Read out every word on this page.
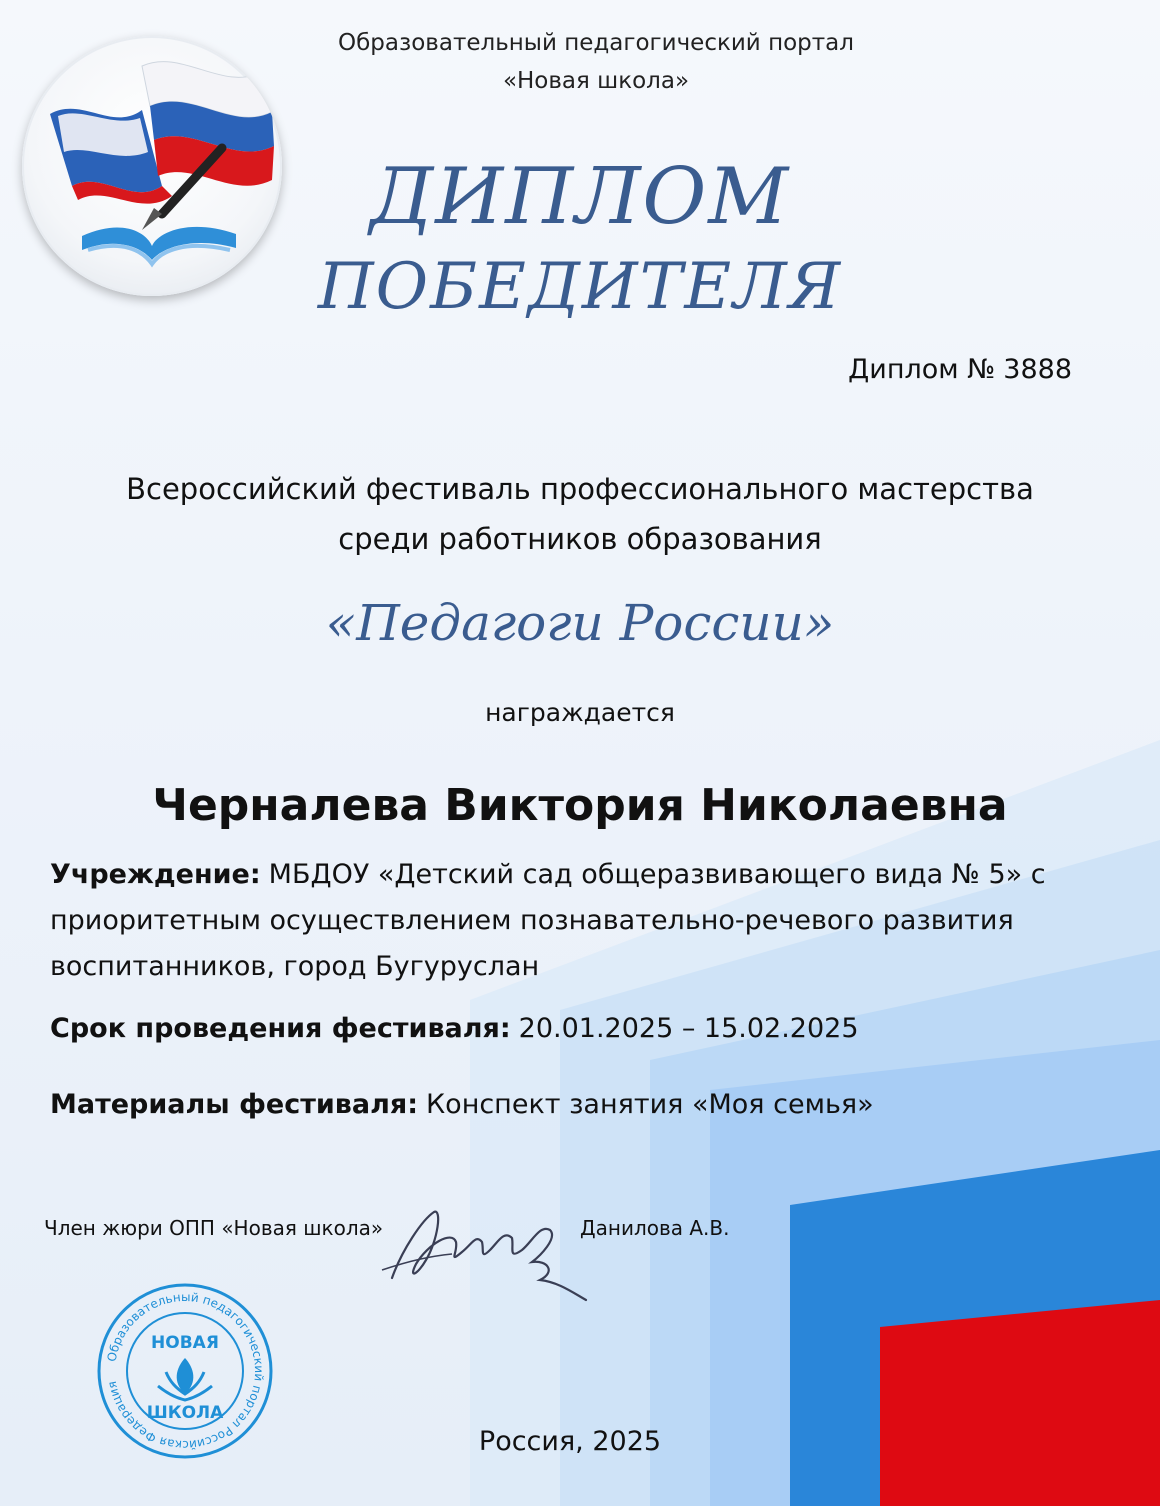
Образовательный педагогический портал
«Новая школа»
ДИПЛОМ
ПОБЕДИТЕЛЯ
Диплом № 3888
Всероссийский фестиваль профессионального мастерства
среди работников образования
«Педагоги России»
награждается
Черналева Виктория Николаевна
Учреждение: МБДОУ «Детский сад общеразвивающего вида № 5» с приоритетным осуществлением познавательно-речевого развития воспитанников, город Бугуруслан
Срок проведения фестиваля: 20.01.2025 – 15.02.2025
Материалы фестиваля: Конспект занятия «Моя семья»
Член жюри ОПП «Новая школа»	Данилова А.В.
Образовательный педагогический портал Российская Федерация
НОВАЯ
ШКОЛА
Россия, 2025
